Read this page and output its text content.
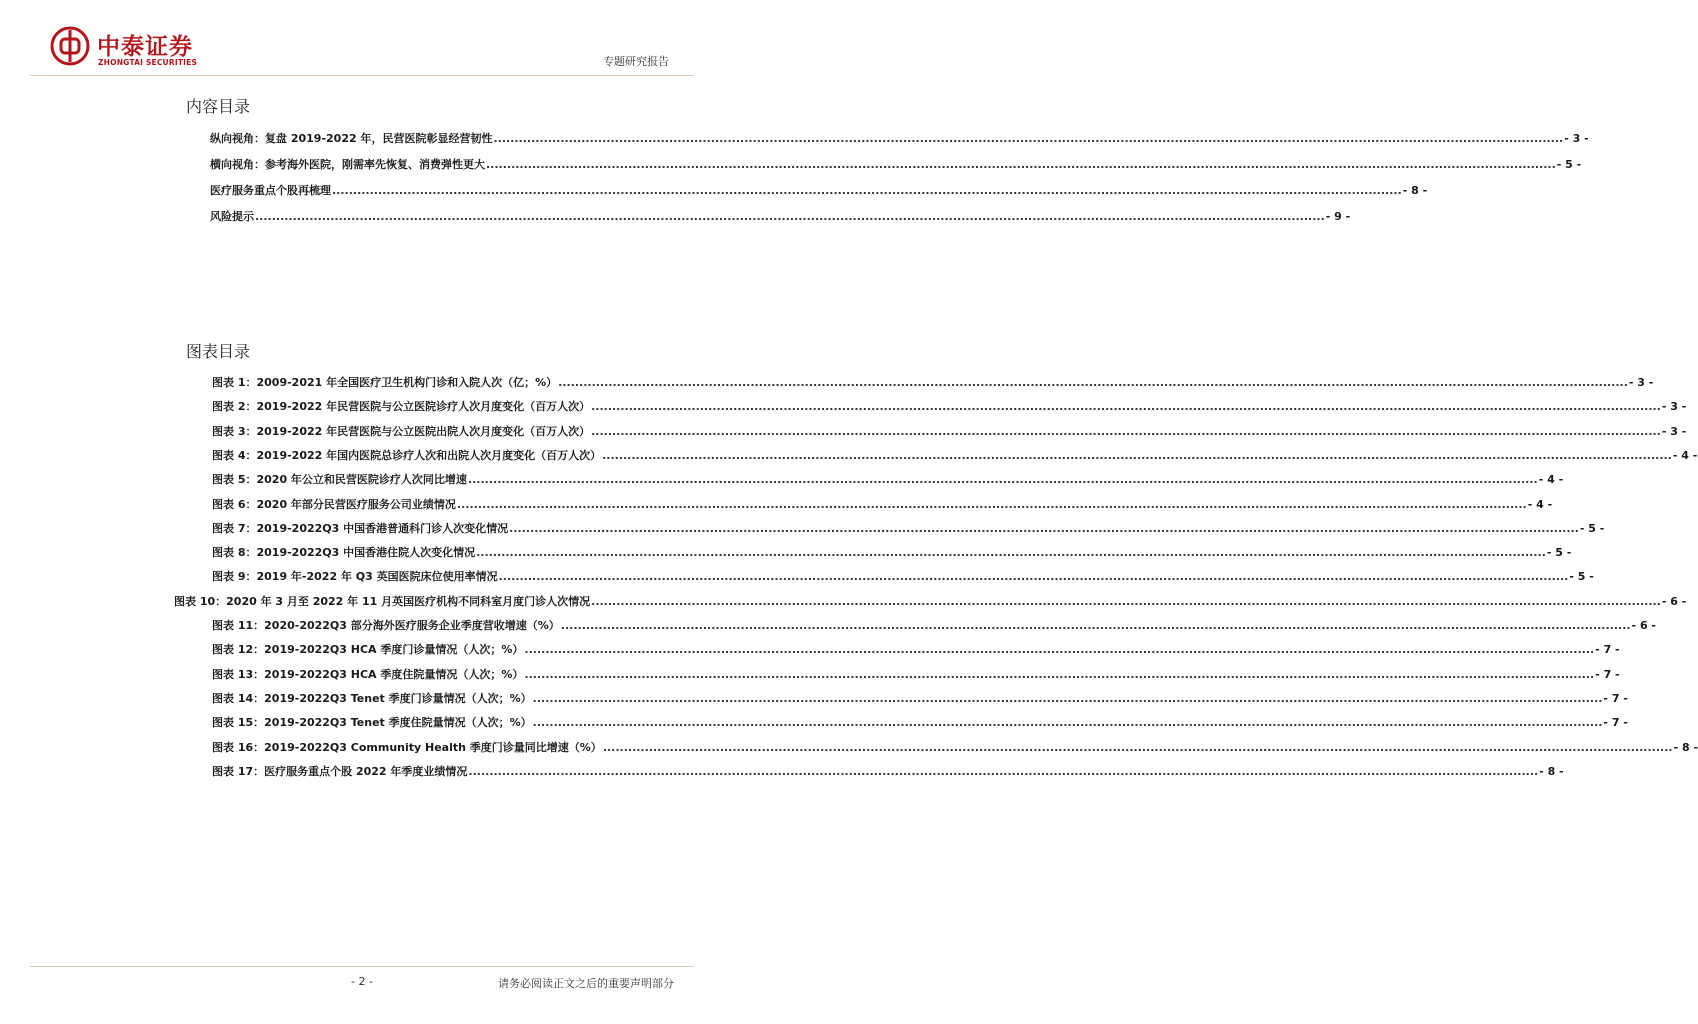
中泰证券
ZHONGTAI SECURITIES	专题研究报告
内容目录
纵向视角：复盘 2019-2022 年，民营医院彰显经营韧性 .....	- 3 -
横向视角：参考海外医院，刚需率先恢复、消费弹性更大 .....	- 5 -
医疗服务重点个股再梳理 .....	- 8 -
风险提示 .....	- 9 -
图表目录
图表 1：2009-2021 年全国医疗卫生机构门诊和入院人次（亿；%） .....	- 3 -
图表 2：2019-2022 年民营医院与公立医院诊疗人次月度变化（百万人次） .....	- 3 -
图表 3：2019-2022 年民营医院与公立医院出院人次月度变化（百万人次） .....	- 3 -
图表 4：2019-2022 年国内医院总诊疗人次和出院人次月度变化（百万人次） .....	- 4 -
图表 5：2020 年公立和民营医院诊疗人次同比增速 .....	- 4 -
图表 6：2020 年部分民营医疗服务公司业绩情况 .....	- 4 -
图表 7：2019-2022Q3 中国香港普通科门诊人次变化情况 .....	- 5 -
图表 8：2019-2022Q3 中国香港住院人次变化情况 .....	- 5 -
图表 9：2019 年-2022 年 Q3 英国医院床位使用率情况 .....	- 5 -
图表 10：2020 年 3 月至 2022 年 11 月英国医疗机构不同科室月度门诊人次情况 .....	- 6 -
图表 11：2020-2022Q3 部分海外医疗服务企业季度营收增速（%） .....	- 6 -
图表 12：2019-2022Q3 HCA 季度门诊量情况（人次；%） .....	- 7 -
图表 13：2019-2022Q3 HCA 季度住院量情况（人次；%） .....	- 7 -
图表 14：2019-2022Q3 Tenet 季度门诊量情况（人次；%） .....	- 7 -
图表 15：2019-2022Q3 Tenet 季度住院量情况（人次；%） .....	- 7 -
图表 16：2019-2022Q3 Community Health 季度门诊量同比增速（%） .....	- 8 -
图表 17：医疗服务重点个股 2022 年季度业绩情况 .....	- 8 -
- 2 -	请务必阅读正文之后的重要声明部分
